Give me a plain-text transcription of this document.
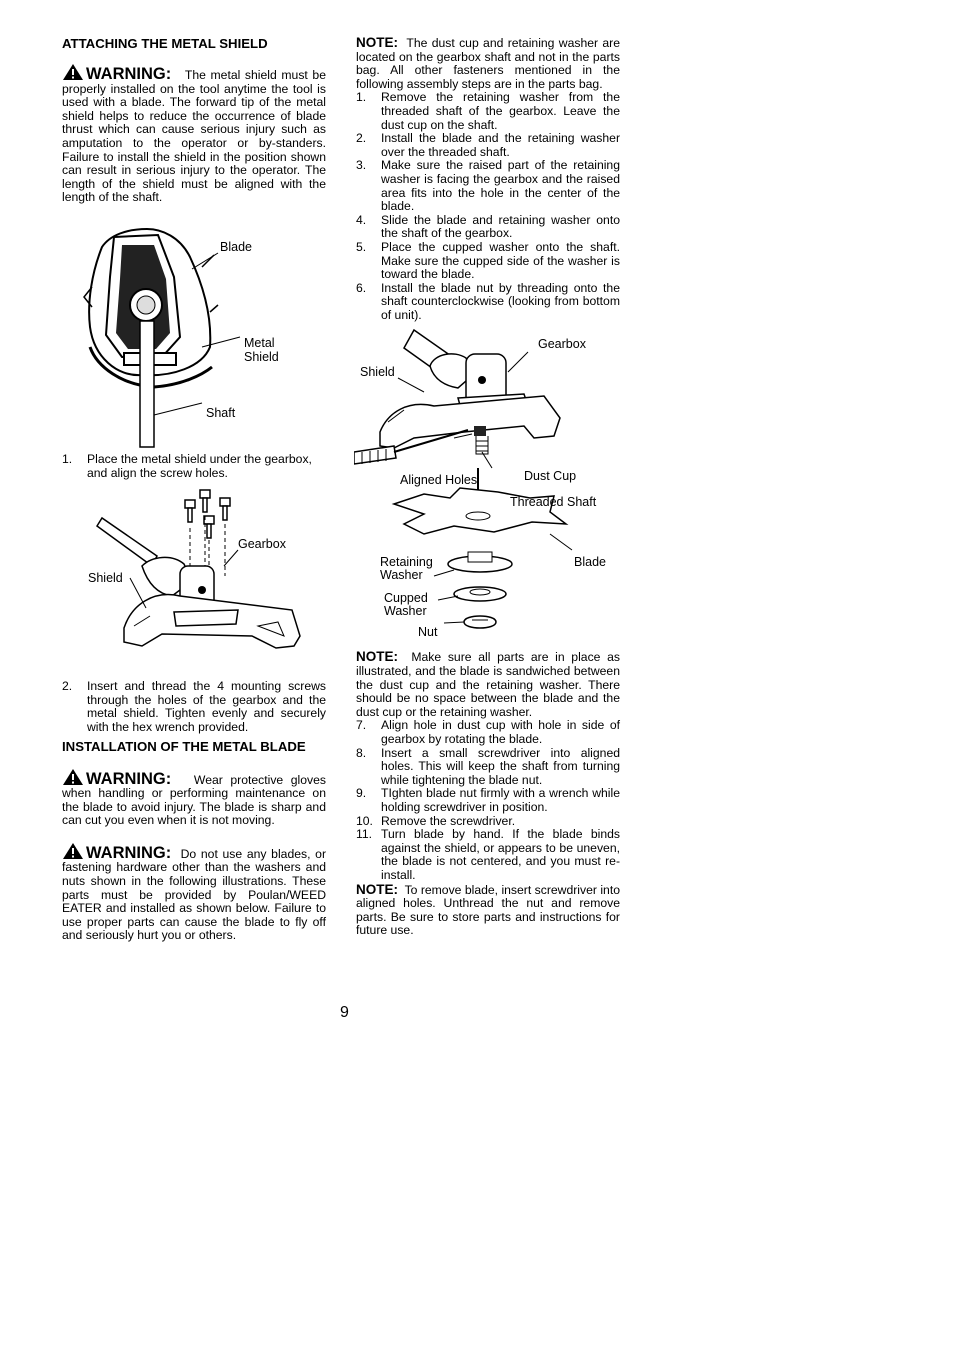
ATTACHING THE METAL SHIELD

WARNING: The metal shield must be properly installed on the tool anytime the tool is used with a blade. The forward tip of the metal shield helps to reduce the occurrence of blade thrust which can cause serious injury such as amputation to the operator or by-standers. Failure to install the shield in the position shown can result in serious injury to the operator. The length of the shield must be aligned with the length of the shaft.

Blade
Metal
Shield
Shaft
1.	Place the metal shield under the gearbox, and align the screw holes.
Gearbox
Shield
2.	Insert and thread the 4 mounting screws through the holes of the gearbox and the metal shield. Tighten evenly and securely with the hex wrench provided.
INSTALLATION OF THE METAL BLADE

WARNING: Wear protective gloves when handling or performing maintenance on the blade to avoid injury. The blade is sharp and can cut you even when it is not moving.

WARNING: Do not use any blades, or fastening hardware other than the washers and nuts shown in the following illustrations. These parts must be provided by Poulan/WEED EATER and installed as shown below. Failure to use proper parts can cause the blade to fly off and seriously hurt you or others.

NOTE: The dust cup and retaining washer are located on the gearbox shaft and not in the parts bag. All other fasteners mentioned in the following assembly steps are in the parts bag.

1.	Remove the retaining washer from the threaded shaft of the gearbox. Leave the dust cup on the shaft.
2.	Install the blade and the retaining washer over the threaded shaft.
3.	Make sure the raised part of the retaining washer is facing the gearbox and the raised area fits into the hole in the center of the blade.
4.	Slide the blade and retaining washer onto the shaft of the gearbox.
5.	Place the cupped washer onto the shaft. Make sure the cupped side of the washer is toward the blade.
6.	Install the blade nut by threading onto the shaft counterclockwise (looking from bottom of unit).
Gearbox
Shield
Aligned Holes	Dust Cup
Threaded Shaft
Retaining
Washer
Blade
Cupped
Washer
Nut

NOTE: Make sure all parts are in place as illustrated, and the blade is sandwiched between the dust cup and the retaining washer. There should be no space between the blade and the dust cup or the retaining washer.

7.	Align hole in dust cup with hole in side of gearbox by rotating the blade.
8.	Insert a small screwdriver into aligned holes. This will keep the shaft from turning while tightening the blade nut.
9.	TIghten blade nut firmly with a wrench while holding screwdriver in position.
10. Remove the screwdriver.
11. Turn blade by hand. If the blade binds against the shield, or appears to be uneven, the blade is not centered, and you must re-install.

NOTE: To remove blade, insert screwdriver into aligned holes. Unthread the nut and remove parts. Be sure to store parts and instructions for future use.

9
